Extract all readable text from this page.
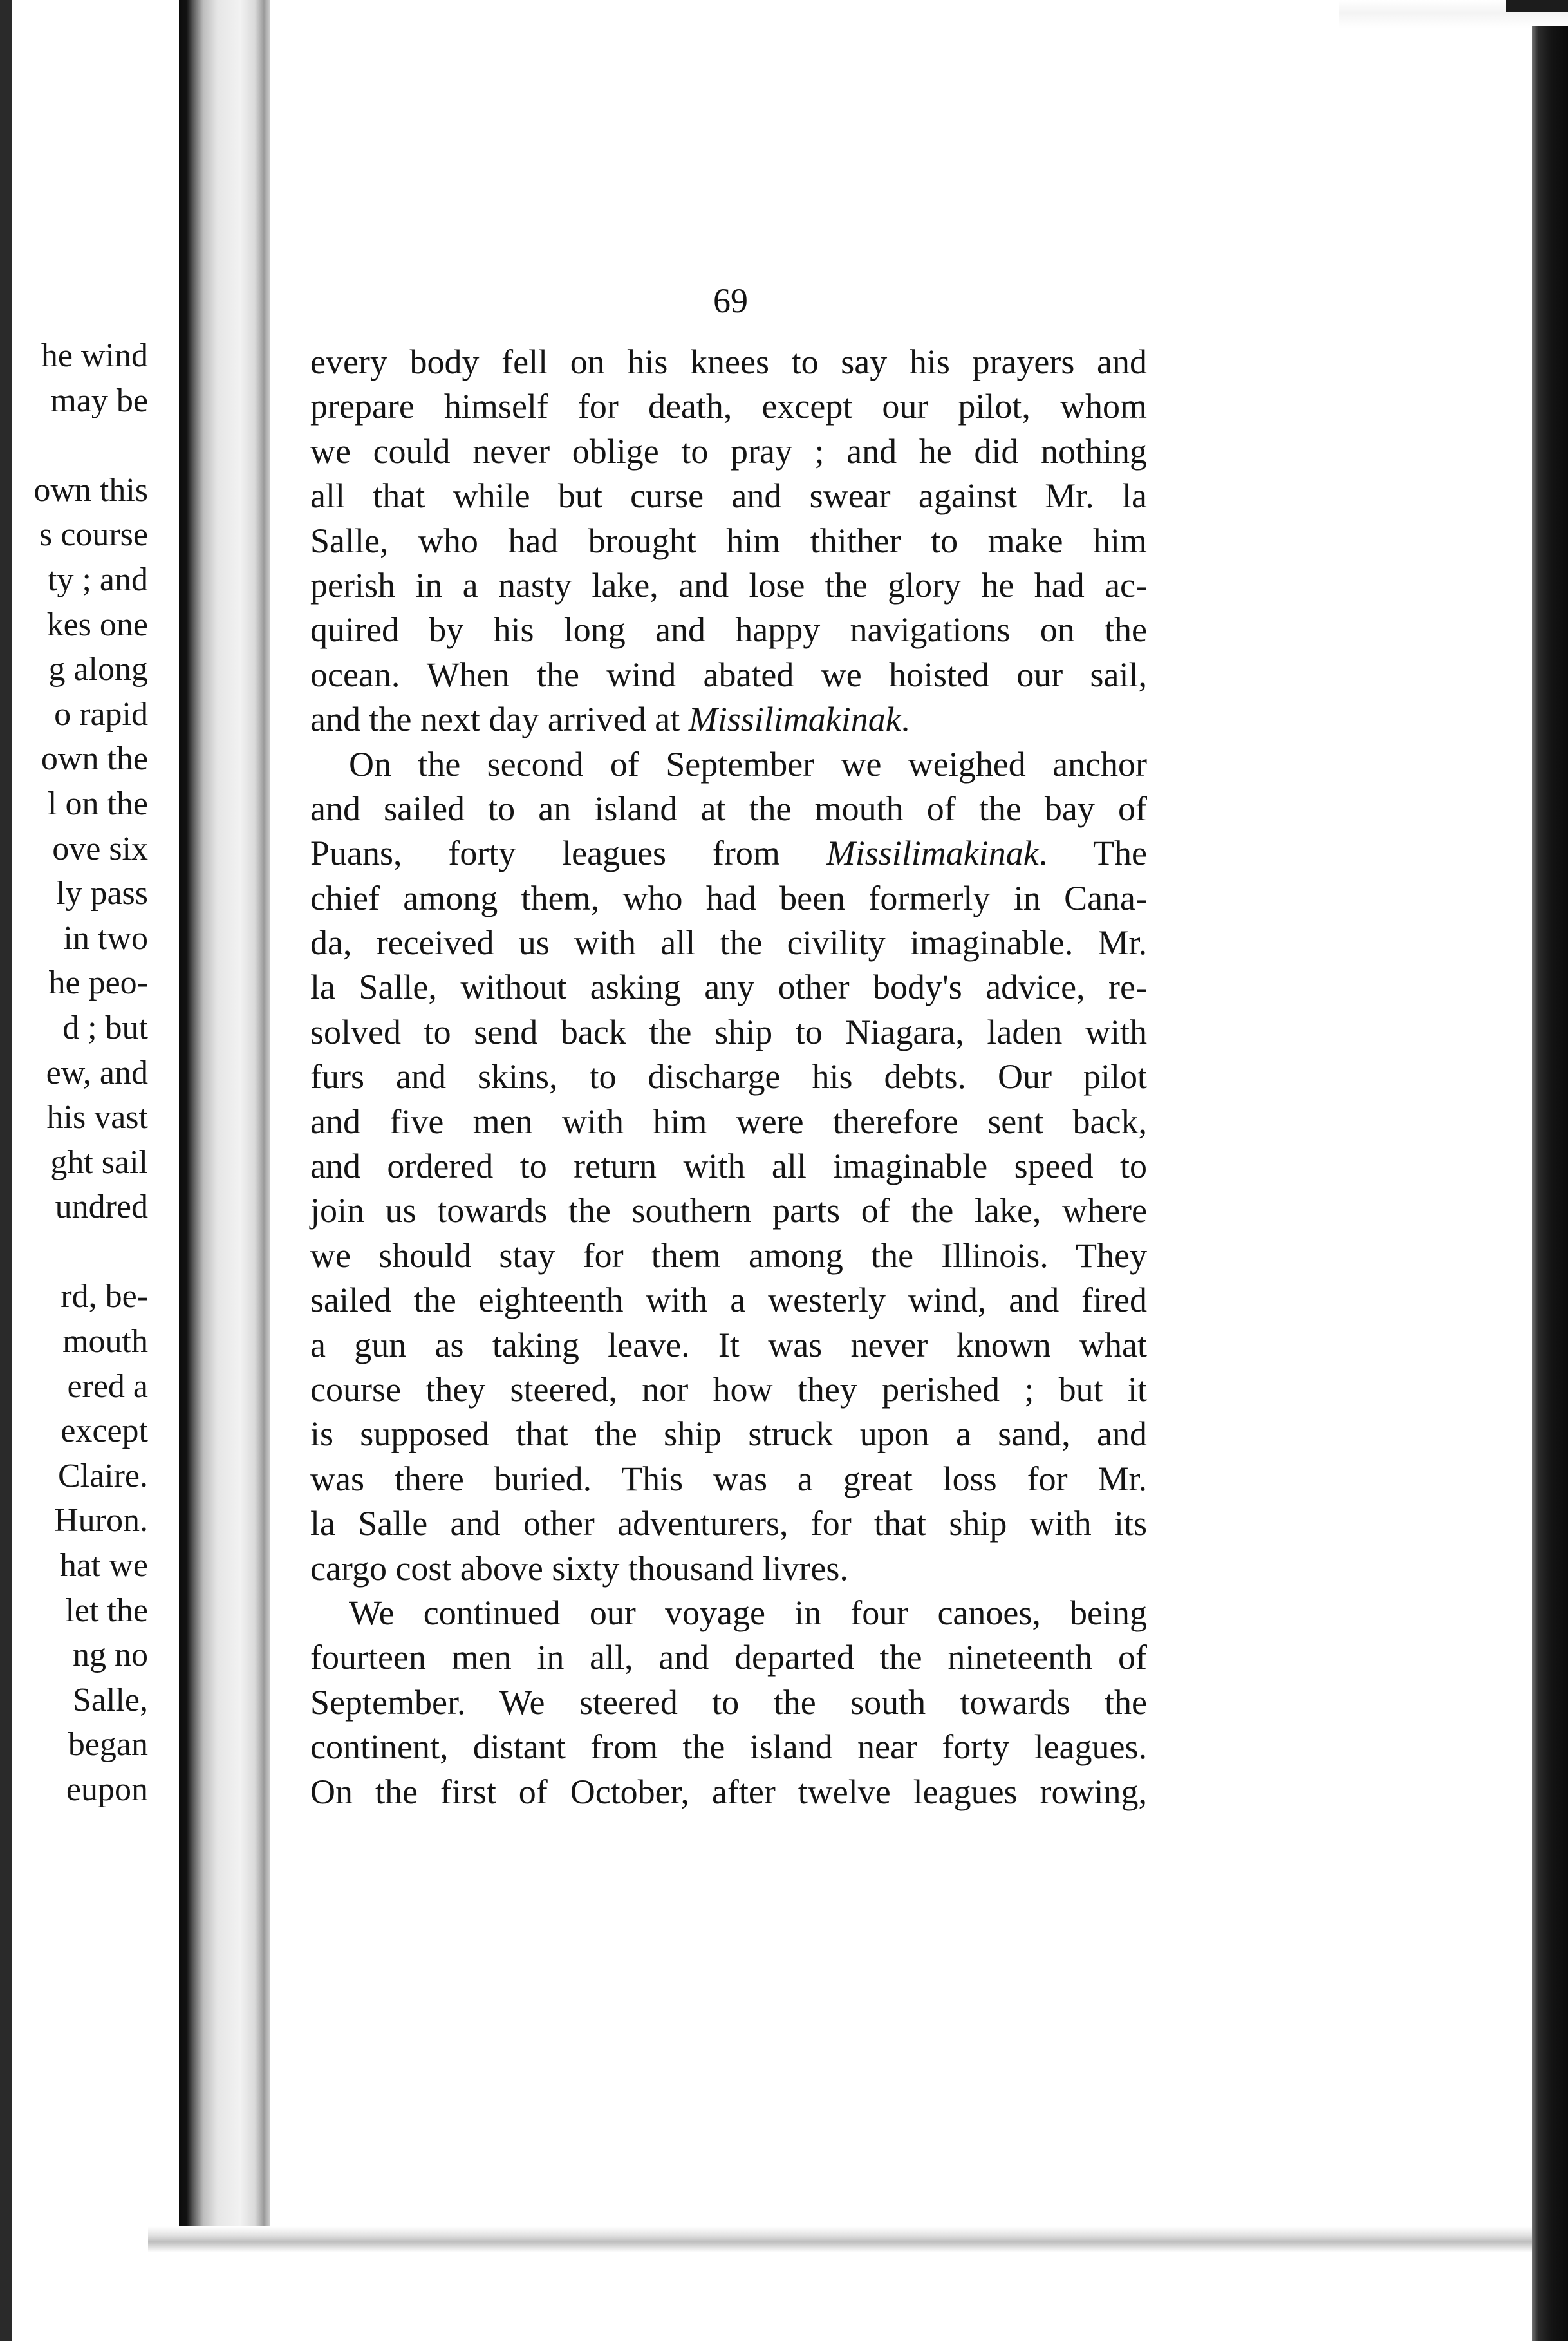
he wind
may be

own this
s course
ty ; and
kes one
g along
o rapid
own the
l on the
ove six
ly pass
in two
he peo-
d ; but
ew, and
his vast
ght sail
undred

rd, be-
mouth
ered a
except
Claire.
Huron.
hat we
let the
ng no
Salle,
began
eupon
69
every body fell on his knees to say his prayers and
prepare himself for death, except our pilot, whom
we could never oblige to pray ; and he did nothing
all that while but curse and swear against Mr. la
Salle, who had brought him thither to make him
perish in a nasty lake, and lose the glory he had ac-
quired by his long and happy navigations on the
ocean. When the wind abated we hoisted our sail,
and the next day arrived at Missilimakinak.
On the second of September we weighed anchor
and sailed to an island at the mouth of the bay of
Puans, forty leagues from Missilimakinak. The
chief among them, who had been formerly in Cana-
da, received us with all the civility imaginable. Mr.
la Salle, without asking any other body's advice, re-
solved to send back the ship to Niagara, laden with
furs and skins, to discharge his debts. Our pilot
and five men with him were therefore sent back,
and ordered to return with all imaginable speed to
join us towards the southern parts of the lake, where
we should stay for them among the Illinois. They
sailed the eighteenth with a westerly wind, and fired
a gun as taking leave. It was never known what
course they steered, nor how they perished ; but it
is supposed that the ship struck upon a sand, and
was there buried. This was a great loss for Mr.
la Salle and other adventurers, for that ship with its
cargo cost above sixty thousand livres.
We continued our voyage in four canoes, being
fourteen men in all, and departed the nineteenth of
September. We steered to the south towards the
continent, distant from the island near forty leagues.
On the first of October, after twelve leagues rowing,
